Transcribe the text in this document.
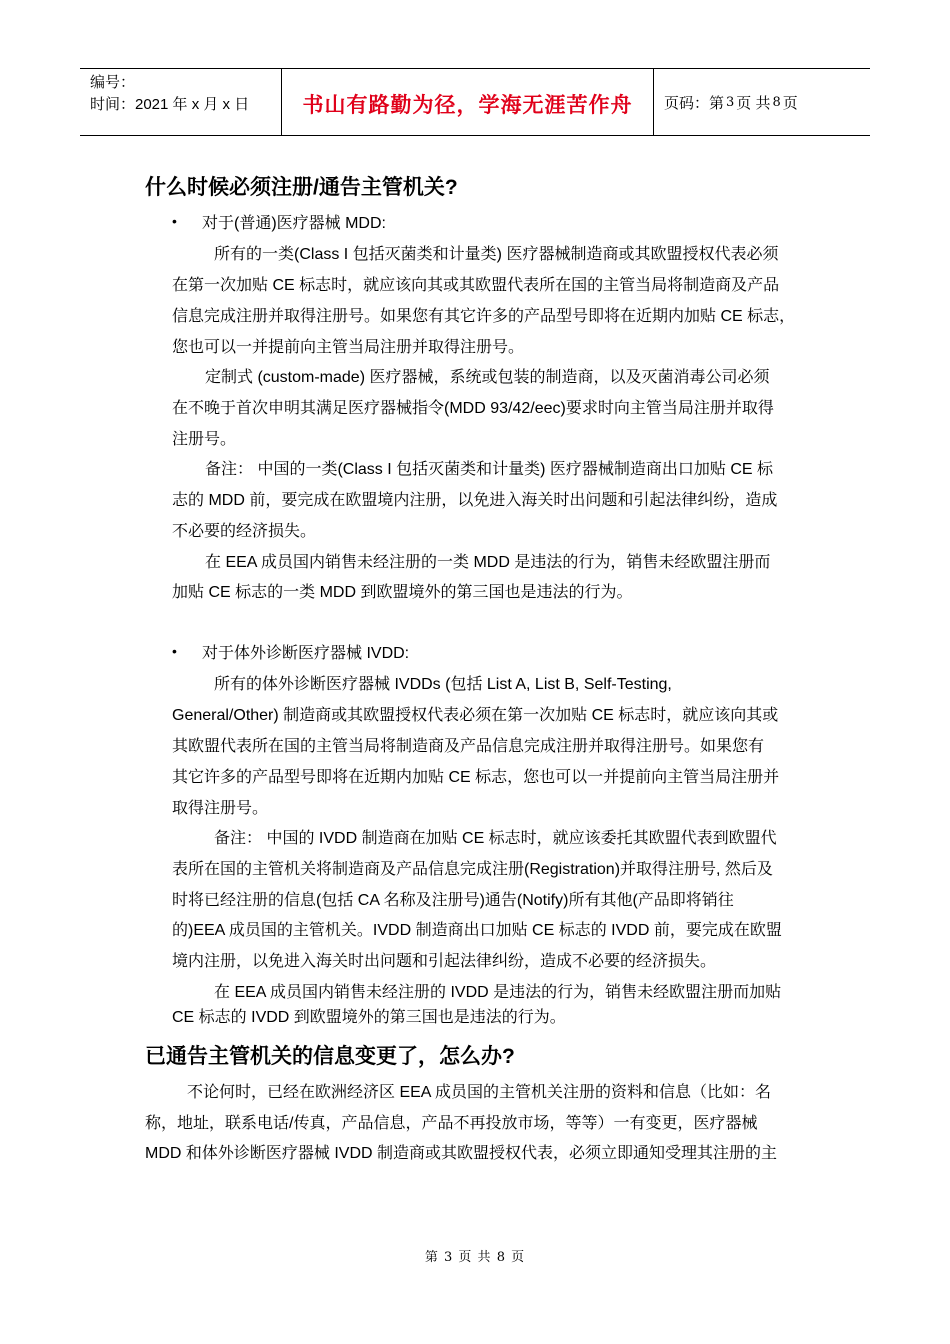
编号：
时间：2021 年 x 月 x 日	书山有路勤为径，学海无涯苦作舟 页码：第 3 页 共 8 页
什么时候必须注册/通告主管机关?
• 对于(普通)医疗器械 MDD:
所有的一类(Class I 包括灭菌类和计量类) 医疗器械制造商或其欧盟授权代表必须
在第一次加贴 CE 标志时，就应该向其或其欧盟代表所在国的主管当局将制造商及产品
信息完成注册并取得注册号。如果您有其它许多的产品型号即将在近期内加贴 CE 标志，
您也可以一并提前向主管当局注册并取得注册号。
定制式 (custom-made) 医疗器械，系统或包装的制造商，以及灭菌消毒公司必须
在不晚于首次申明其满足医疗器械指令(MDD 93/42/eec)要求时向主管当局注册并取得
注册号。
备注： 中国的一类(Class I 包括灭菌类和计量类) 医疗器械制造商出口加贴 CE 标
志的 MDD 前，要完成在欧盟境内注册，以免进入海关时出问题和引起法律纠纷，造成
不必要的经济损失。
在 EEA 成员国内销售未经注册的一类 MDD 是违法的行为，销售未经欧盟注册而
加贴 CE 标志的一类 MDD 到欧盟境外的第三国也是违法的行为。
• 对于体外诊断医疗器械 IVDD:
所有的体外诊断医疗器械 IVDDs (包括 List A, List B, Self-Testing,
General/Other) 制造商或其欧盟授权代表必须在第一次加贴 CE 标志时，就应该向其或
其欧盟代表所在国的主管当局将制造商及产品信息完成注册并取得注册号。如果您有
其它许多的产品型号即将在近期内加贴 CE 标志，您也可以一并提前向主管当局注册并
取得注册号。
备注： 中国的 IVDD 制造商在加贴 CE 标志时，就应该委托其欧盟代表到欧盟代
表所在国的主管机关将制造商及产品信息完成注册(Registration)并取得注册号, 然后及
时将已经注册的信息(包括 CA 名称及注册号)通告(Notify)所有其他(产品即将销往
的)EEA 成员国的主管机关。IVDD 制造商出口加贴 CE 标志的 IVDD 前，要完成在欧盟
境内注册，以免进入海关时出问题和引起法律纠纷，造成不必要的经济损失。
在 EEA 成员国内销售未经注册的 IVDD 是违法的行为，销售未经欧盟注册而加贴
CE 标志的 IVDD 到欧盟境外的第三国也是违法的行为。
已通告主管机关的信息变更了，怎么办?
不论何时，已经在欧洲经济区 EEA 成员国的主管机关注册的资料和信息（比如：名
称，地址，联系电话/传真，产品信息，产品不再投放市场，等等）一有变更，医疗器械
MDD 和体外诊断医疗器械 IVDD 制造商或其欧盟授权代表，必须立即通知受理其注册的主
第 3 页 共 8 页
